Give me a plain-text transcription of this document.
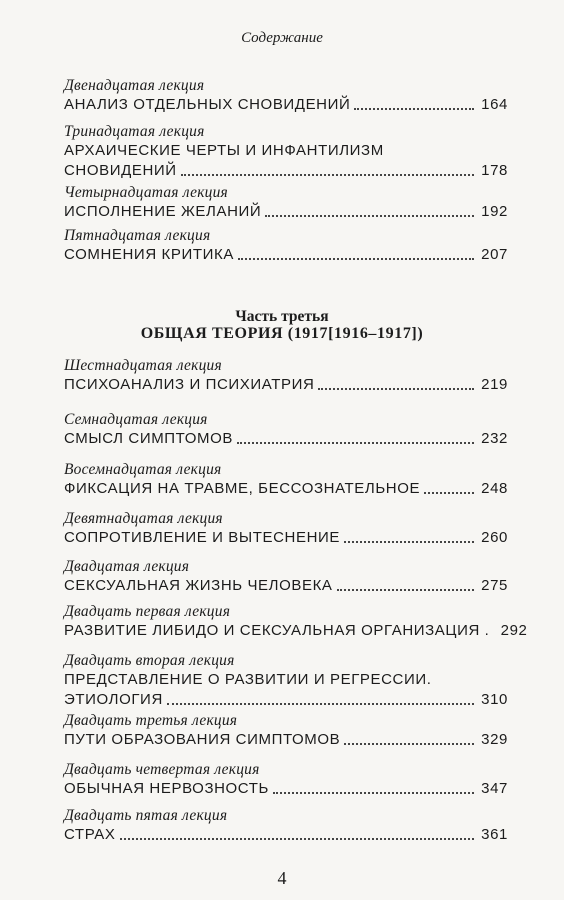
Содержание
Двенадцатая лекция
АНАЛИЗ ОТДЕЛЬНЫХ СНОВИДЕНИЙ	164
Тринадцатая лекция
АРХАИЧЕСКИЕ ЧЕРТЫ И ИНФАНТИЛИЗМ
СНОВИДЕНИЙ	178
Четырнадцатая лекция
ИСПОЛНЕНИЕ ЖЕЛАНИЙ	192
Пятнадцатая лекция
СОМНЕНИЯ КРИТИКА	207
Часть третья
ОБЩАЯ ТЕОРИЯ (1917[1916–1917])
Шестнадцатая лекция
ПСИХОАНАЛИЗ И ПСИХИАТРИЯ	219
Семнадцатая лекция
СМЫСЛ СИМПТОМОВ	232
Восемнадцатая лекция
ФИКСАЦИЯ НА ТРАВМЕ, БЕССОЗНАТЕЛЬНОЕ	248
Девятнадцатая лекция
СОПРОТИВЛЕНИЕ И ВЫТЕСНЕНИЕ	260
Двадцатая лекция
СЕКСУАЛЬНАЯ ЖИЗНЬ ЧЕЛОВЕКА	275
Двадцать первая лекция
РАЗВИТИЕ ЛИБИДО И СЕКСУАЛЬНАЯ ОРГАНИЗАЦИЯ . 292
Двадцать вторая лекция
ПРЕДСТАВЛЕНИЕ О РАЗВИТИИ И РЕГРЕССИИ.
ЭТИОЛОГИЯ	310
Двадцать третья лекция
ПУТИ ОБРАЗОВАНИЯ СИМПТОМОВ	329
Двадцать четвертая лекция
ОБЫЧНАЯ НЕРВОЗНОСТЬ	347
Двадцать пятая лекция
СТРАХ	361
4
